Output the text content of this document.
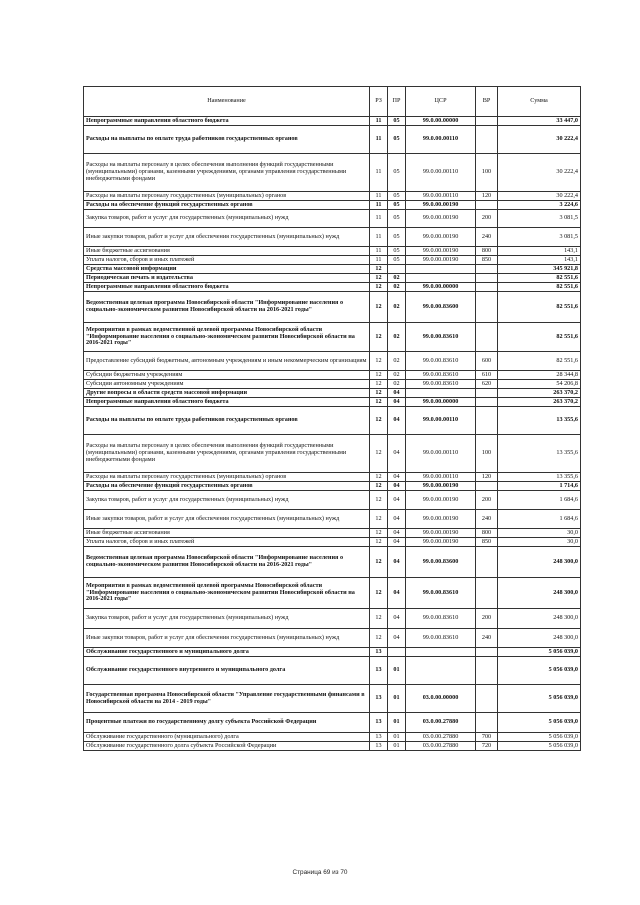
Наименование	РЗ	ПР	ЦСР	ВР	Сумма
Непрограммные направления областного бюджета	11	05	99.0.00.00000		33 447,0
Расходы на выплаты по оплате труда работников государственных органов	11	05	99.0.00.00110		30 222,4
Расходы на выплаты персоналу в целях обеспечения выполнения функций государственными (муниципальными) органами, казенными учреждениями, органами управления государственными внебюджетными фондами	11	05	99.0.00.00110	100	30 222,4
Расходы на выплаты персоналу государственных (муниципальных) органов	11	05	99.0.00.00110	120	30 222,4
Расходы на обеспечение функций государственных органов	11	05	99.0.00.00190		3 224,6
Закупка товаров, работ и услуг для государственных (муниципальных) нужд	11	05	99.0.00.00190	200	3 081,5
Иные закупки товаров, работ и услуг для обеспечения государственных (муниципальных) нужд	11	05	99.0.00.00190	240	3 081,5
Иные бюджетные ассигнования	11	05	99.0.00.00190	800	143,1
Уплата налогов, сборов и иных платежей	11	05	99.0.00.00190	850	143,1
Средства массовой информации	12				345 921,8
Периодическая печать и издательства	12	02			82 551,6
Непрограммные направления областного бюджета	12	02	99.0.00.00000		82 551,6
Ведомственная целевая программа Новосибирской области "Информирование населения о социально-экономическом развитии Новосибирской области на 2016-2021 годы"	12	02	99.0.00.83600		82 551,6
Мероприятия в рамках ведомственной целевой программы Новосибирской области "Информирование населения о социально-экономическом развитии Новосибирской области на 2016-2021 годы"	12	02	99.0.00.83610		82 551,6
Предоставление субсидий бюджетным, автономным учреждениям и иным некоммерческим организациям	12	02	99.0.00.83610	600	82 551,6
Субсидии бюджетным учреждениям	12	02	99.0.00.83610	610	28 344,8
Субсидии автономным учреждениям	12	02	99.0.00.83610	620	54 206,8
Другие вопросы в области средств массовой информации	12	04			263 370,2
Непрограммные направления областного бюджета	12	04	99.0.00.00000		263 370,2
Расходы на выплаты по оплате труда работников государственных органов	12	04	99.0.00.00110		13 355,6
Расходы на выплаты персоналу в целях обеспечения выполнения функций государственными (муниципальными) органами, казенными учреждениями, органами управления государственными внебюджетными фондами	12	04	99.0.00.00110	100	13 355,6
Расходы на выплаты персоналу государственных (муниципальных) органов	12	04	99.0.00.00110	120	13 355,6
Расходы на обеспечение функций государственных органов	12	04	99.0.00.00190		1 714,6
Закупка товаров, работ и услуг для государственных (муниципальных) нужд	12	04	99.0.00.00190	200	1 684,6
Иные закупки товаров, работ и услуг для обеспечения государственных (муниципальных) нужд	12	04	99.0.00.00190	240	1 684,6
Иные бюджетные ассигнования	12	04	99.0.00.00190	800	30,0
Уплата налогов, сборов и иных платежей	12	04	99.0.00.00190	850	30,0
Ведомственная целевая программа Новосибирской области "Информирование населения о социально-экономическом развитии Новосибирской области на 2016-2021 годы"	12	04	99.0.00.83600		248 300,0
Мероприятия в рамках ведомственной целевой программы Новосибирской области "Информирование населения о социально-экономическом развитии Новосибирской области на 2016-2021 годы"	12	04	99.0.00.83610		248 300,0
Закупка товаров, работ и услуг для государственных (муниципальных) нужд	12	04	99.0.00.83610	200	248 300,0
Иные закупки товаров, работ и услуг для обеспечения государственных (муниципальных) нужд	12	04	99.0.00.83610	240	248 300,0
Обслуживание государственного и муниципального долга	13				5 056 039,0
Обслуживание государственного внутреннего и муниципального долга	13	01			5 056 039,0
Государственная программа Новосибирской области "Управление государственными финансами в Новосибирской области на 2014 - 2019 годы"	13	01	03.0.00.00000		5 056 039,0
Процентные платежи по государственному долгу субъекта Российской Федерации	13	01	03.0.00.27880		5 056 039,0
Обслуживание государственного (муниципального) долга	13	01	03.0.00.27880	700	5 056 039,0
Обслуживание государственного долга субъекта Российской Федерации	13	01	03.0.00.27880	720	5 056 039,0
Страница 69 из 70
